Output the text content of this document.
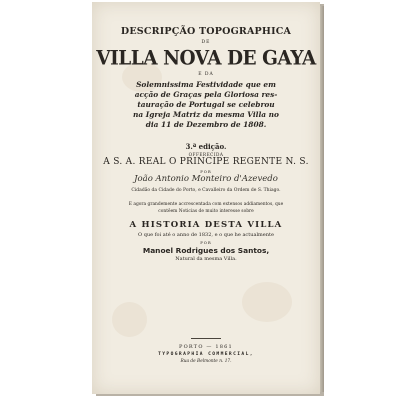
DESCRIPÇÃO TOPOGRAPHICA
DE
VILLA NOVA DE GAYA
E DA
Solemnissima Festividade que em
acção de Graças pela Gloriosa res-
tauração de Portugal se celebrou
na Igreja Matriz da mesma Villa no
dia 11 de Dezembro de 1808.
3.ª edição.
OFFERECIDA
A S. A. REAL O PRINCIPE REGENTE N. S.
POR
João Antonio Monteiro d'Azevedo
Cidadão da Cidade do Porto, e Cavalleiro da Ordem de S. Thiago.
E agora grandemente accrescentada com extensos addiamentos, que
contêem Noticias de muito interesse sobre
A HISTORIA DESTA VILLA
O que foi até o anno de 1832, e o que he actualmente
POR
Manoel Rodrigues dos Santos,
Natural da mesma Villa.
PORTO — 1861
TYPOGRAPHIA COMMERCIAL,
Rua de Belmonte n. 17.
